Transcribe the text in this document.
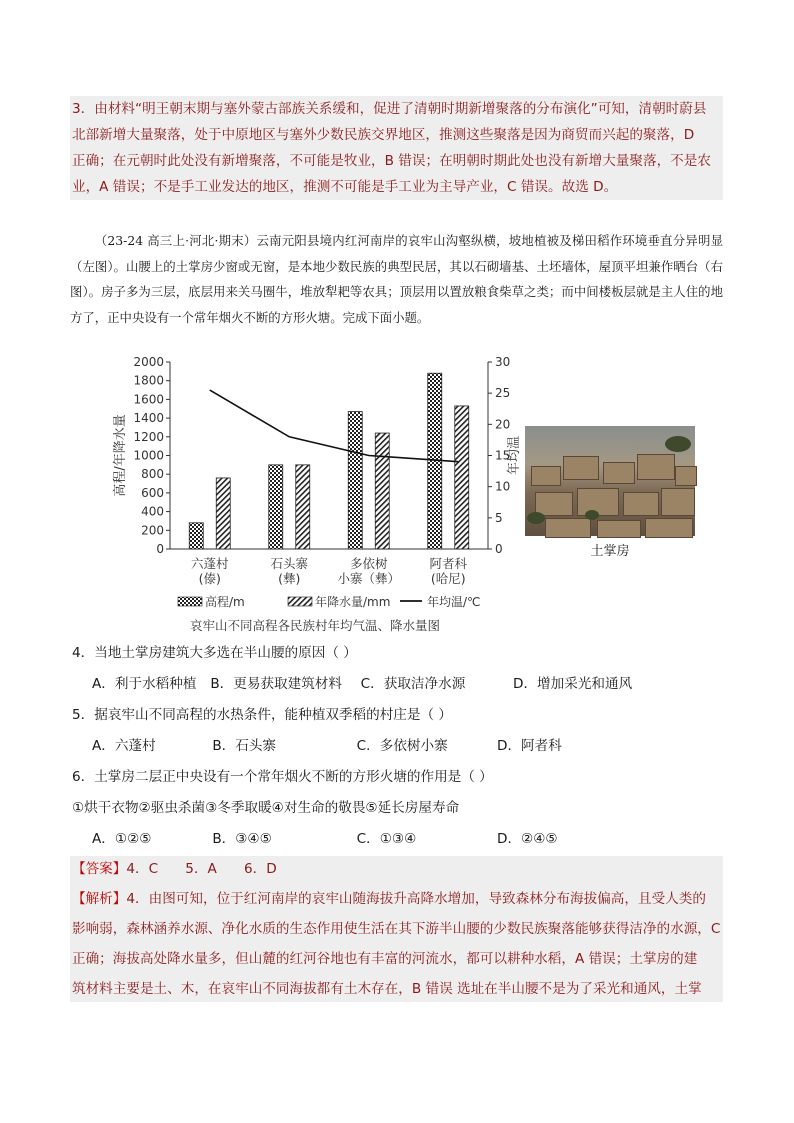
3．由材料“明王朝末期与塞外蒙古部族关系缓和，促进了清朝时期新增聚落的分布演化”可知，清朝时蔚县

北部新增大量聚落，处于中原地区与塞外少数民族交界地区，推测这些聚落是因为商贸而兴起的聚落，D

正确；在元朝时此处没有新增聚落，不可能是牧业，B 错误；在明朝时期此处也没有新增大量聚落，不是农

业，A 错误；不是手工业发达的地区，推测不可能是手工业为主导产业，C 错误。故选 D。

（23-24 高三上·河北·期末）云南元阳县境内红河南岸的哀牢山沟壑纵横，坡地植被及梯田稻作环境垂直分异明显（左图）。山腰上的土掌房少窗或无窗，是本地少数民族的典型民居，其以石砌墙基、土坯墙体，屋顶平坦兼作晒台（右图）。房子多为三层，底层用来关马圈牛，堆放犁耙等农具；顶层用以置放粮食柴草之类；而中间楼板层就是主人住的地方了，正中央设有一个常年烟火不断的方形火塘。完成下面小题。

0
200
400
600
800
1000
1200
1400
1600
1800
2000
0
5
10
15
20
25
30
高程/年降水量	年均温
六蓬村
(傣)
石头寨
(彝)
多依树
小寨（彝）
阿者科
(哈尼)
哀牢山不同高程各民族村年均气温、降水量图
高程/m	年降水量/mm	年均温/℃
土掌房
4．当地土掌房建筑大多选在半山腰的原因（ ）
A．利于水稻种植 B．更易获取建筑材料 C．获取洁净水源	D．增加采光和通风
5．据哀牢山不同高程的水热条件，能种植双季稻的村庄是（ ）
A．六蓬村	B．石头寨	C．多依树小寨	D．阿者科
6．土掌房二层正中央设有一个常年烟火不断的方形火塘的作用是（ ）
①烘干衣物②驱虫杀菌③冬季取暖④对生命的敬畏⑤延长房屋寿命
A．①②⑤	B．③④⑤	C．①③④	D．②④⑤

【答案】4．C　　5．A　　6．D

【解析】4．由图可知，位于红河南岸的哀牢山随海拔升高降水增加，导致森林分布海拔偏高，且受人类的

影响弱，森林涵养水源、净化水质的生态作用使生活在其下游半山腰的少数民族聚落能够获得洁净的水源，C

正确；海拔高处降水量多，但山麓的红河谷地也有丰富的河流水，都可以耕种水稻，A 错误；土掌房的建

筑材料主要是土、木，在哀牢山不同海拔都有土木存在，B 错误 选址在半山腰不是为了采光和通风，土掌
